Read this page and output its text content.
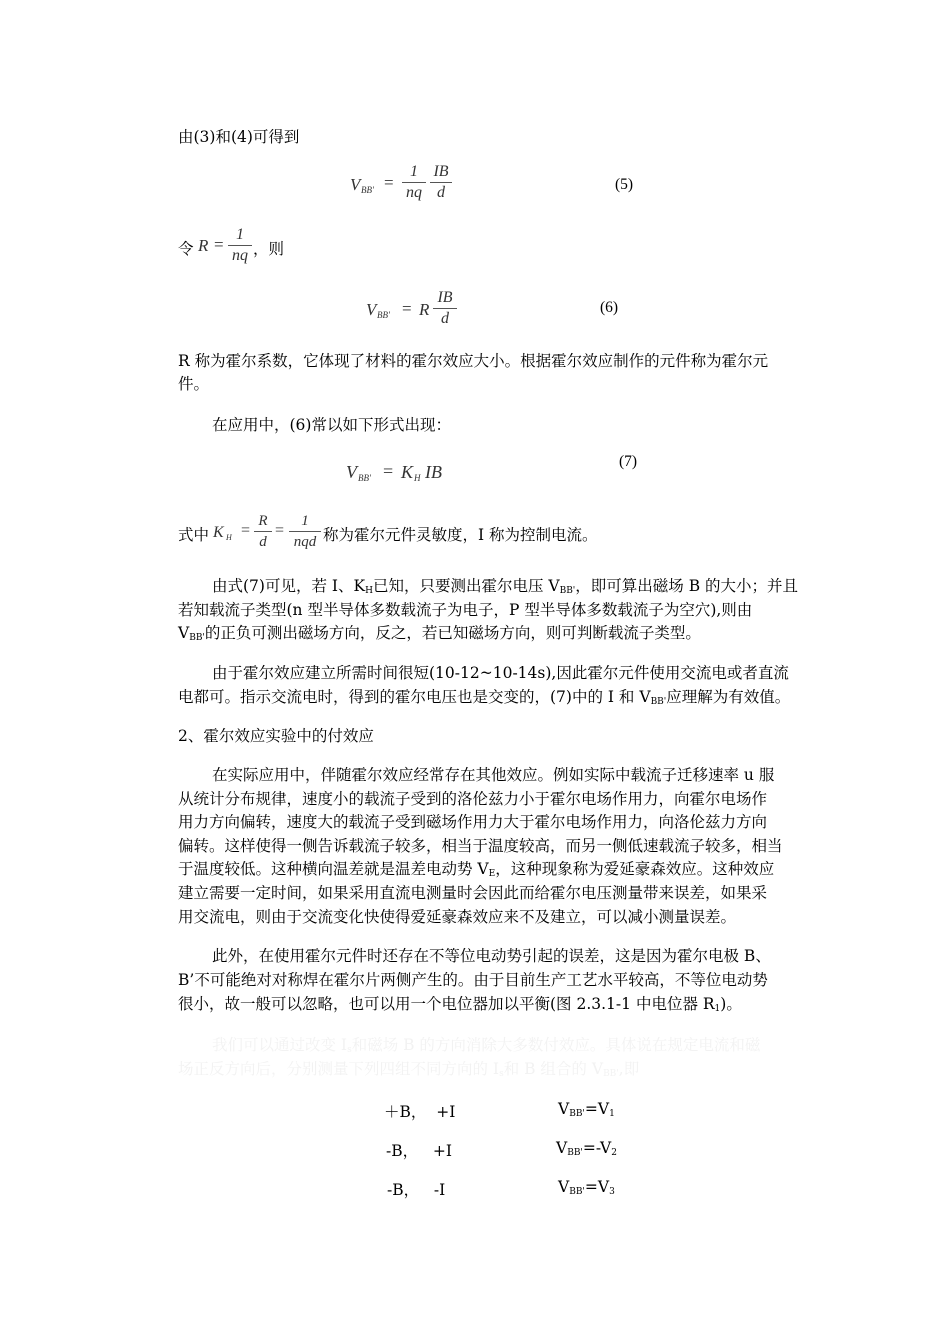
由(3)和(4)可得到
V $BB' = \frac{1}{nq} \frac{IB}{d}$	(5)
令 $R = \frac{1}{nq}$ ，则
V BB' = R $\frac{IB}{d}$	(6)
R 称为霍尔系数，它体现了材料的霍尔效应大小。根据霍尔效应制作的元件称为霍尔元
件。
在应用中，(6)常以如下形式出现：
V BB' = K H IB
(7)
式中 K $H = \frac{R}{d}$ =
1
nqd 称为霍尔元件灵敏度，I 称为控制电流。
由式(7)可见，若 I、$K_H$已知，只要测出霍尔电压 $V_{BB'}$，即可算出磁场 B 的大小；并且
若知载流子类型(n 型半导体多数载流子为电子，P 型半导体多数载流子为空穴),则由
$V_{BB'}$的正负可测出磁场方向，反之，若已知磁场方向，则可判断载流子类型。
由于霍尔效应建立所需时间很短(10-12~10-14s),因此霍尔元件使用交流电或者直流
电都可。指示交流电时，得到的霍尔电压也是交变的，(7)中的 I 和 $V_{BB'}$应理解为有效值。
2、霍尔效应实验中的付效应
在实际应用中，伴随霍尔效应经常存在其他效应。例如实际中载流子迁移速率 u 服
从统计分布规律，速度小的载流子受到的洛伦兹力小于霍尔电场作用力，向霍尔电场作
用力方向偏转，速度大的载流子受到磁场作用力大于霍尔电场作用力，向洛伦兹力方向
偏转。这样使得一侧告诉载流子较多，相当于温度较高，而另一侧低速载流子较多，相当
于温度较低。这种横向温差就是温差电动势 $V_E$，这种现象称为爱延豪森效应。这种效应
建立需要一定时间，如果采用直流电测量时会因此而给霍尔电压测量带来误差，如果采
用交流电，则由于交流变化快使得爱延豪森效应来不及建立，可以减小测量误差。
此外，在使用霍尔元件时还存在不等位电动势引起的误差，这是因为霍尔电极 B、
B’不可能绝对对称焊在霍尔片两侧产生的。由于目前生产工艺水平较高，不等位电动势
很小，故一般可以忽略，也可以用一个电位器加以平衡(图 2.3.1-1 中电位器 $R_1$)。
我们可以通过改变 $I_s$和磁场 B 的方向消除大多数付效应。具体说在规定电流和磁
场正反方向后，分别测量下列四组不同方向的 $I_s$和 B 组合的 $V_{BB'}$,即
＋B，  +I	$V_{BB'}=V_1$
-B，   +I	$V_{BB'}=-V_2$
-B，   -I	$V_{BB'}=V_3$
